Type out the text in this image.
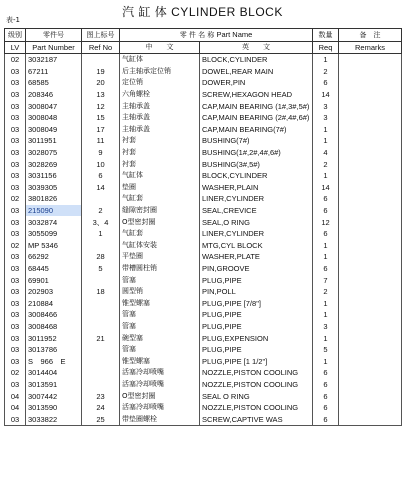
汽 缸 体 CYLINDER BLOCK
表-1
级别	零件号	图上标号	零 件 名 称 Part Name		数量	备　注
LV	Part Number	Ref No	中　　文	英　　文	Req	Remarks
02	3032187		气缸体	BLOCK,CYLINDER	1	
03	67211	19	后主轴承定位销	DOWEL,REAR MAIN	2	
03	68585	20	定位销	DOWER,PIN	6	
03	208346	13	六角螺栓	SCREW,HEXAGON HEAD	14	
03	3008047	12	主轴承盖	CAP,MAIN BEARING (1#,3#,5#)	3	
03	3008048	15	主轴承盖	CAP,MAIN BEARING (2#,4#,6#)	3	
03	3008049	17	主轴承盖	CAP,MAIN BEARING(7#)	1	
03	3011951	11	衬套	BUSHING(7#)	1	
03	3028075	9	衬套	BUSHING(1#,2#,4#,6#)	4	
03	3028269	10	衬套	BUSHING(3#,5#)	2	
03	3031156	6	气缸体	BLOCK,CYLINDER	1	
03	3039305	14	垫圈	WASHER,PLAIN	14	
02	3801826		气缸套	LINER,CYLINDER	6	
03	215090	2	缝隙密封圈	SEAL,CREVICE	6	
03	3032874	3、4	O型密封圈	SEAL,O RING	12	
03	3055099	1	气缸套	LINER,CYLINDER	6	
02	MP 5346		气缸体安装	MTG,CYL BLOCK	1	
03	66292	28	平垫圈	WASHER,PLATE	1	
03	68445	5	带槽圆柱销	PIN,GROOVE	6	
03	69901		管塞	PLUG,PIPE	7	
03	202903	18	圆型销	PIN,POLL	2	
03	210884		锥型螺塞	PLUG,PIPE [7/8"]	1	
03	3008466		管塞	PLUG,PIPE	1	
03	3008468		管塞	PLUG,PIPE	3	
03	3011952	21	碗型塞	PLUG,EXPENSION	1	
03	3013786		管塞	PLUG,PIPE	5	
03	S　966　E		锥型螺塞	PLUG,PIPE [1 1/2"]	1	
02	3014404		活塞冷却喷嘴	NOZZLE,PISTON COOLING	6	
03	3013591		活塞冷却喷嘴	NOZZLE,PISTON COOLING	6	
04	3007442	23	O型密封圈	SEAL O RING	6	
04	3013590	24	活塞冷却喷嘴	NOZZLE,PISTON COOLING	6	
03	3033822	25	带垫圈螺栓	SCREW,CAPTIVE WAS	6	
